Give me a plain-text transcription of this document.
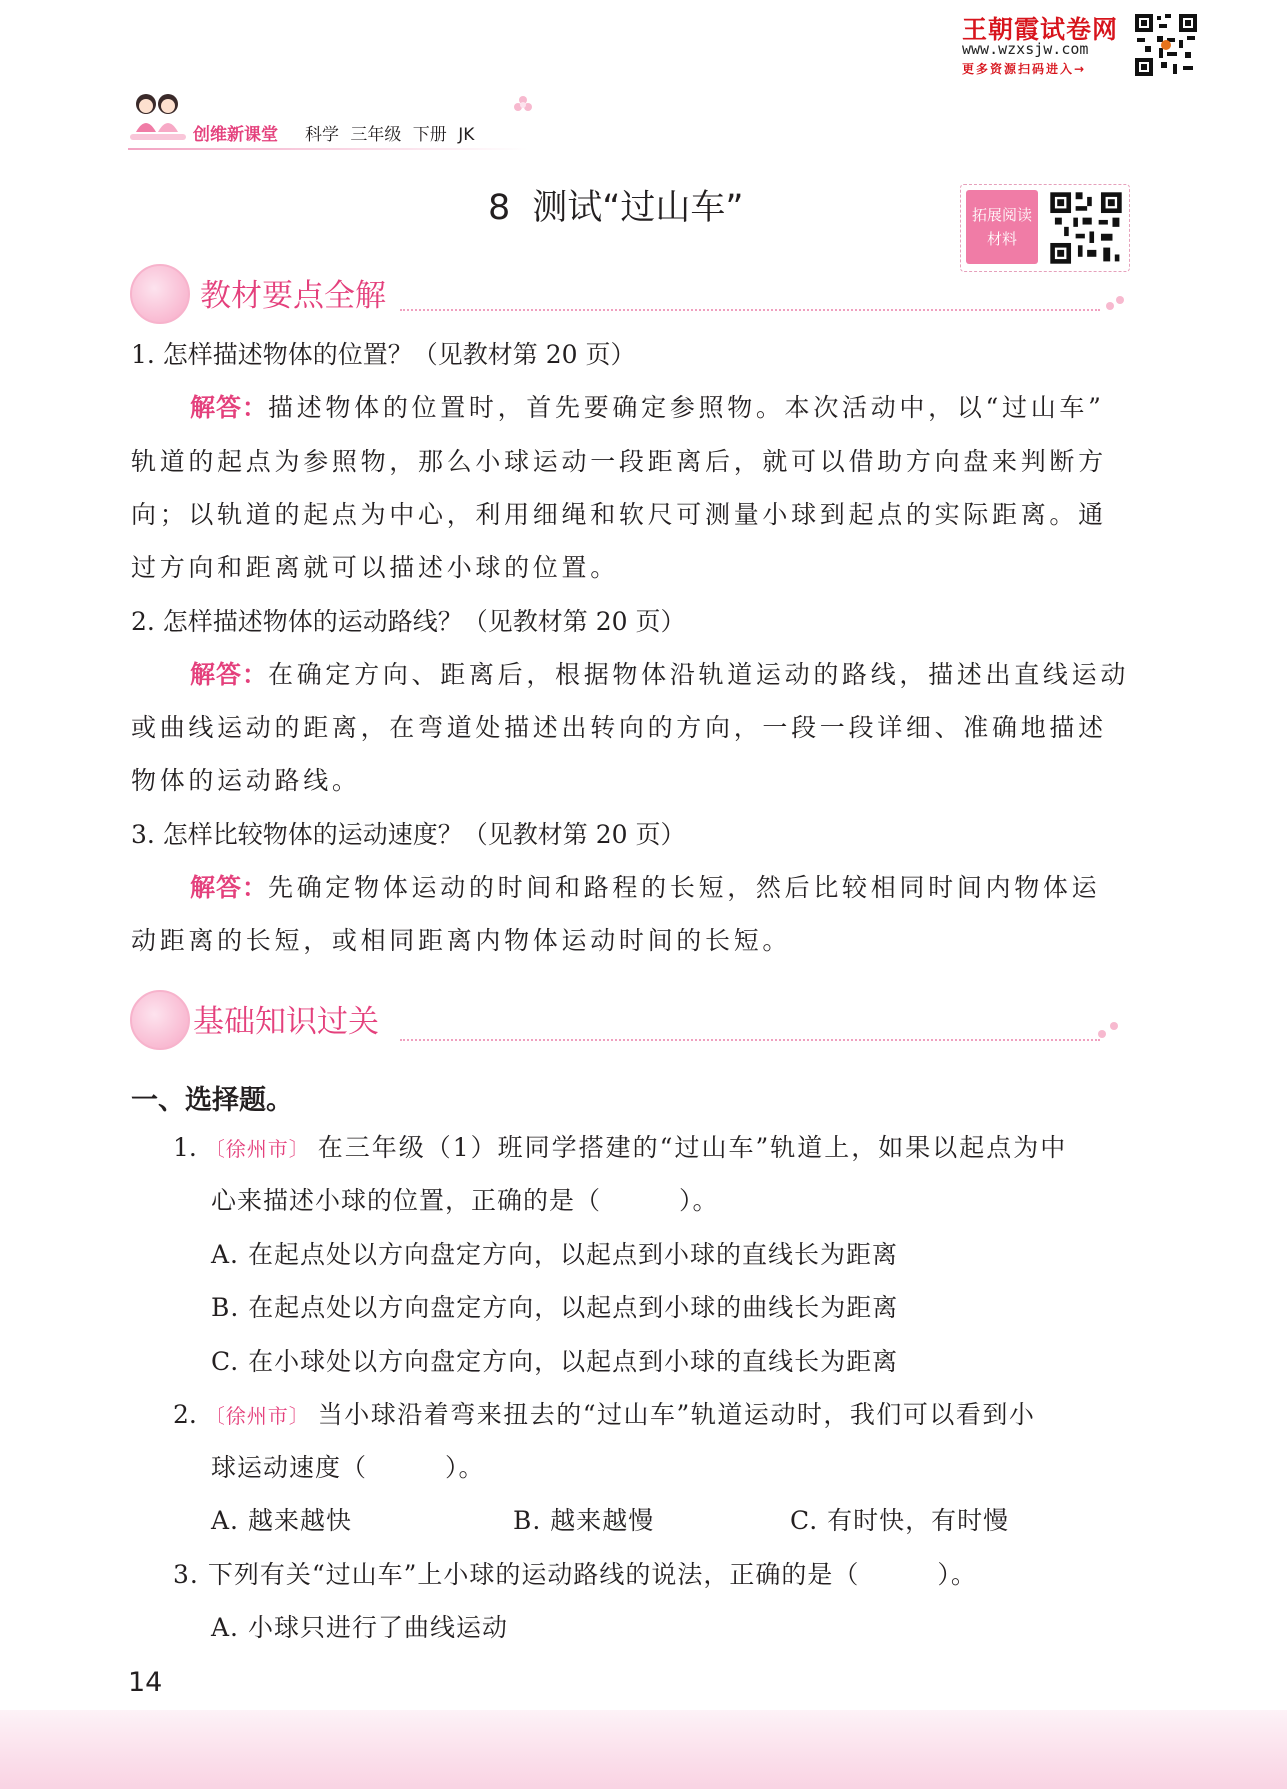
王朝霞试卷网
www.wzxsjw.com
更多资源扫码进入→
创维新课堂 科学 三年级 下册 JK
8 测试“过山车”	拓展阅读
材料
教材要点全解
1. 怎样描述物体的位置？（见教材第 20 页）
解答：描述物体的位置时，首先要确定参照物。本次活动中，以“过山车”
轨道的起点为参照物，那么小球运动一段距离后，就可以借助方向盘来判断方
向；以轨道的起点为中心，利用细绳和软尺可测量小球到起点的实际距离。通
过方向和距离就可以描述小球的位置。
2. 怎样描述物体的运动路线？（见教材第 20 页）
解答：在确定方向、距离后，根据物体沿轨道运动的路线，描述出直线运动
或曲线运动的距离，在弯道处描述出转向的方向，一段一段详细、准确地描述
物体的运动路线。
3. 怎样比较物体的运动速度？（见教材第 20 页）
解答：先确定物体运动的时间和路程的长短，然后比较相同时间内物体运
动距离的长短，或相同距离内物体运动时间的长短。
基础知识过关
一、选择题。
1. 〔徐州市〕 在三年级（1）班同学搭建的“过山车”轨道上，如果以起点为中
心来描述小球的位置，正确的是（	）。
A. 在起点处以方向盘定方向，以起点到小球的直线长为距离
B. 在起点处以方向盘定方向，以起点到小球的曲线长为距离
C. 在小球处以方向盘定方向，以起点到小球的直线长为距离
2. 〔徐州市〕 当小球沿着弯来扭去的“过山车”轨道运动时，我们可以看到小
球运动速度（	）。
A. 越来越快	B. 越来越慢	C. 有时快，有时慢
3. 下列有关“过山车”上小球的运动路线的说法，正确的是（	）。
A. 小球只进行了曲线运动
14
